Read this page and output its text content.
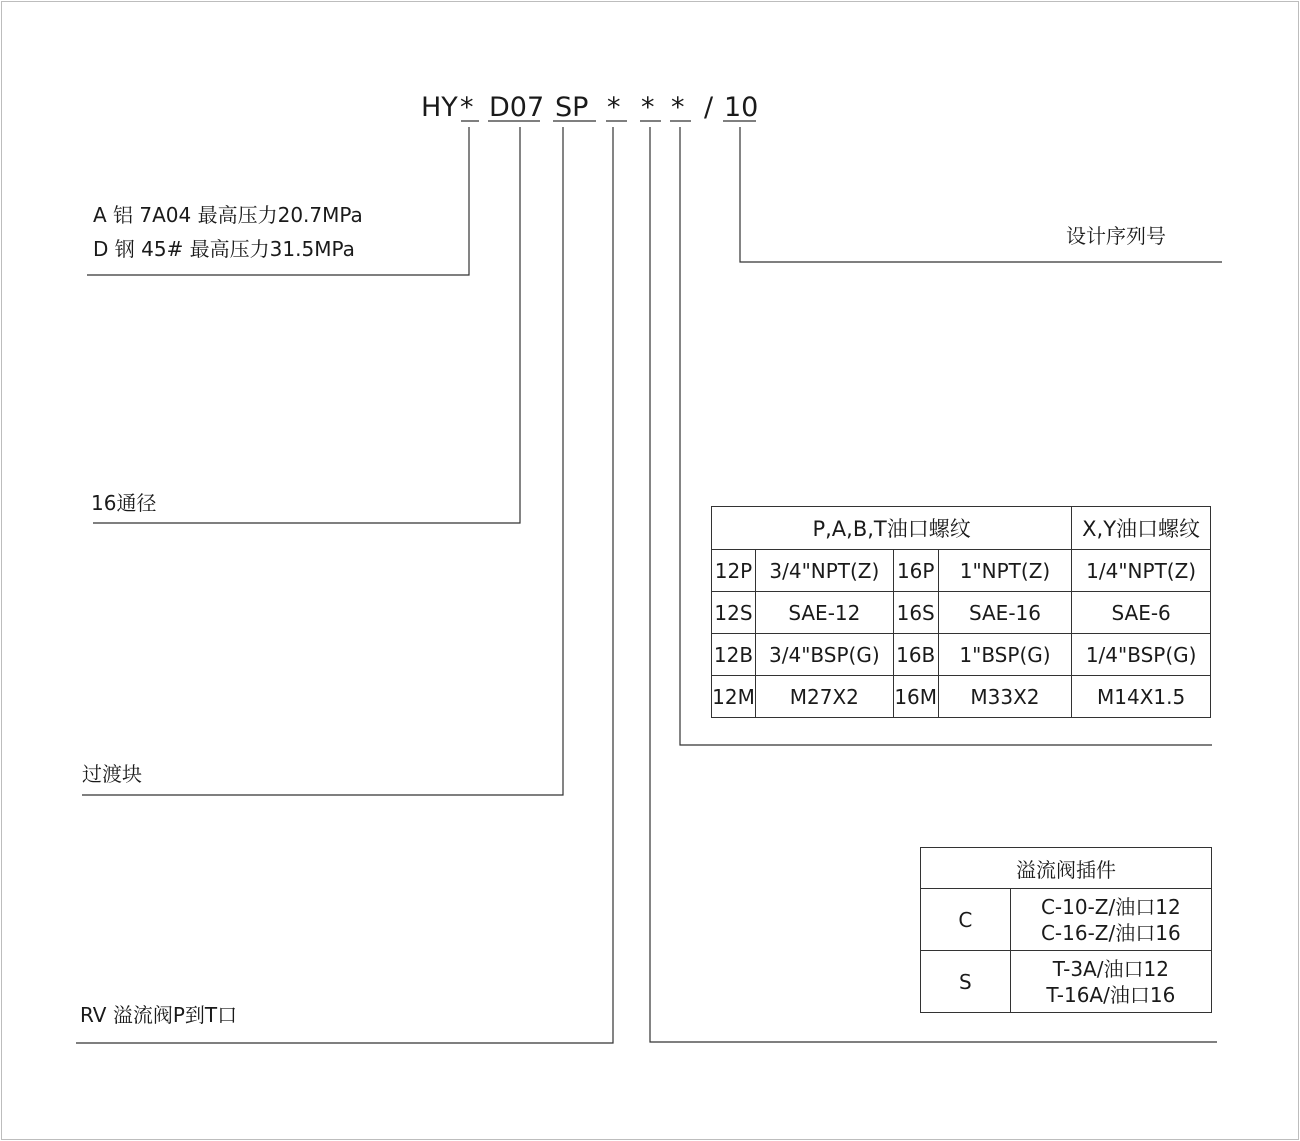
HY * D07 SP * * * / 10
A 铝 7A04 最高压力20.7MPa
D 钢 45# 最高压力31.5MPa
16通径
过渡块
RV 溢流阀P到T口
设计序列号
P,A,B,T油口螺纹				X,Y油口螺纹
12P	3/4"NPT(Z)	16P	1"NPT(Z)	1/4"NPT(Z)
12S	SAE-12	16S	SAE-16	SAE-6
12B	3/4"BSP(G)	16B	1"BSP(G)	1/4"BSP(G)
12M	M27X2	16M	M33X2	M14X1.5
溢流阀插件	
C	C-10-Z/油口12
C-16-Z/油口16

S	T-3A/油口12
T-16A/油口16
